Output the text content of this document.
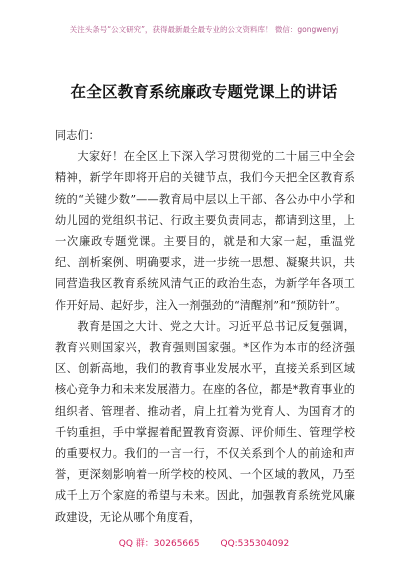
关注头条号“公文研究”，获得最新最全最专业的公文资料库！ 微信：gongwenyj
在全区教育系统廉政专题党课上的讲话

同志们：

大家好！在全区上下深入学习贯彻党的二十届三中全会精神，新学年即将开启的关键节点，我们今天把全区教育系统的“关键少数”——教育局中层以上干部、各公办中小学和幼儿园的党组织书记、行政主要负责同志，都请到这里，上一次廉政专题党课。主要目的，就是和大家一起，重温党纪、剖析案例、明确要求，进一步统一思想、凝聚共识，共同营造我区教育系统风清气正的政治生态，为新学年各项工作开好局、起好步，注入一剂强劲的“清醒剂”和“预防针”。

教育是国之大计、党之大计。习近平总书记反复强调，教育兴则国家兴，教育强则国家强。*区作为本市的经济强区、创新高地，我们的教育事业发展水平，直接关系到区域核心竞争力和未来发展潜力。在座的各位，都是*教育事业的组织者、管理者、推动者，肩上扛着为党育人、为国育才的千钧重担，手中掌握着配置教育资源、评价师生、管理学校的重要权力。我们的一言一行，不仅关系到个人的前途和声誉，更深刻影响着一所学校的校风、一个区域的教风，乃至成千上万个家庭的希望与未来。因此，加强教育系统党风廉政建设，无论从哪个角度看，

QQ 群：30265665 QQ:535304092
